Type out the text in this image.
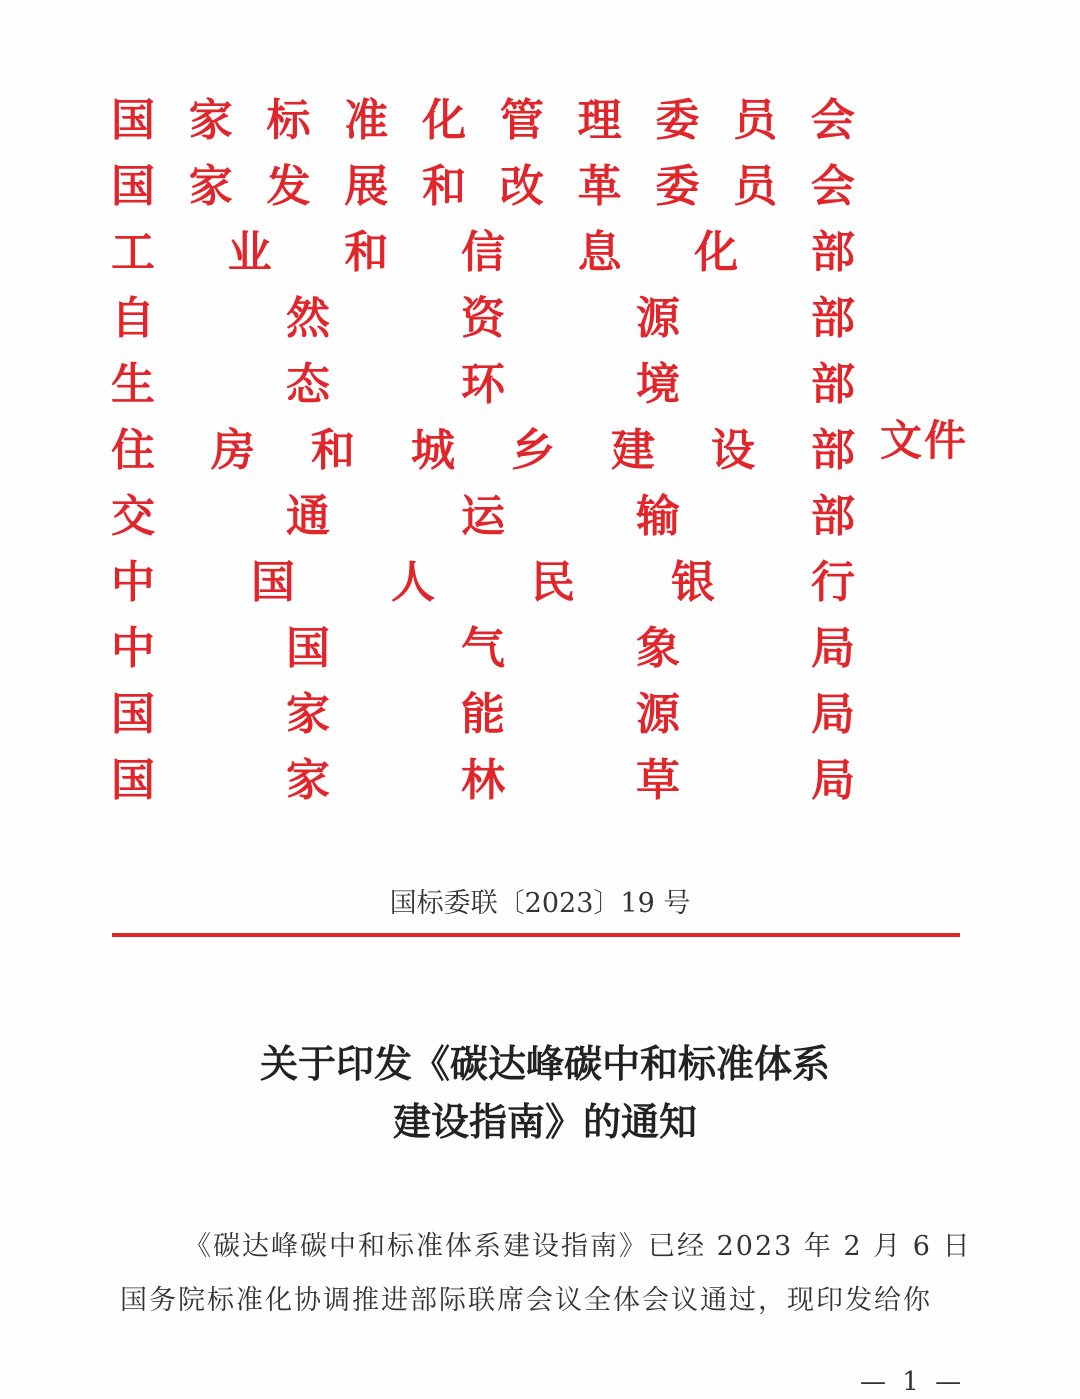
国 家 标 准 化 管 理 委 员 会
国 家 发 展 和 改 革 委 员 会
工 业 和 信 息 化 部
自	然	资	源	部
生	态	环	境	部
住 房 和 城 乡 建 设 部
交	通	运	输	部
中 国 人 民 银 行
中	国	气	象	局
国	家	能	源	局
国	家	林	草	局
文件
国标委联〔2023〕19 号
关于印发《碳达峰碳中和标准体系
建设指南》的通知
《碳达峰碳中和标准体系建设指南》已经 2023 年 2 月 6 日
国务院标准化协调推进部际联席会议全体会议通过，现印发给你
— 1 —
